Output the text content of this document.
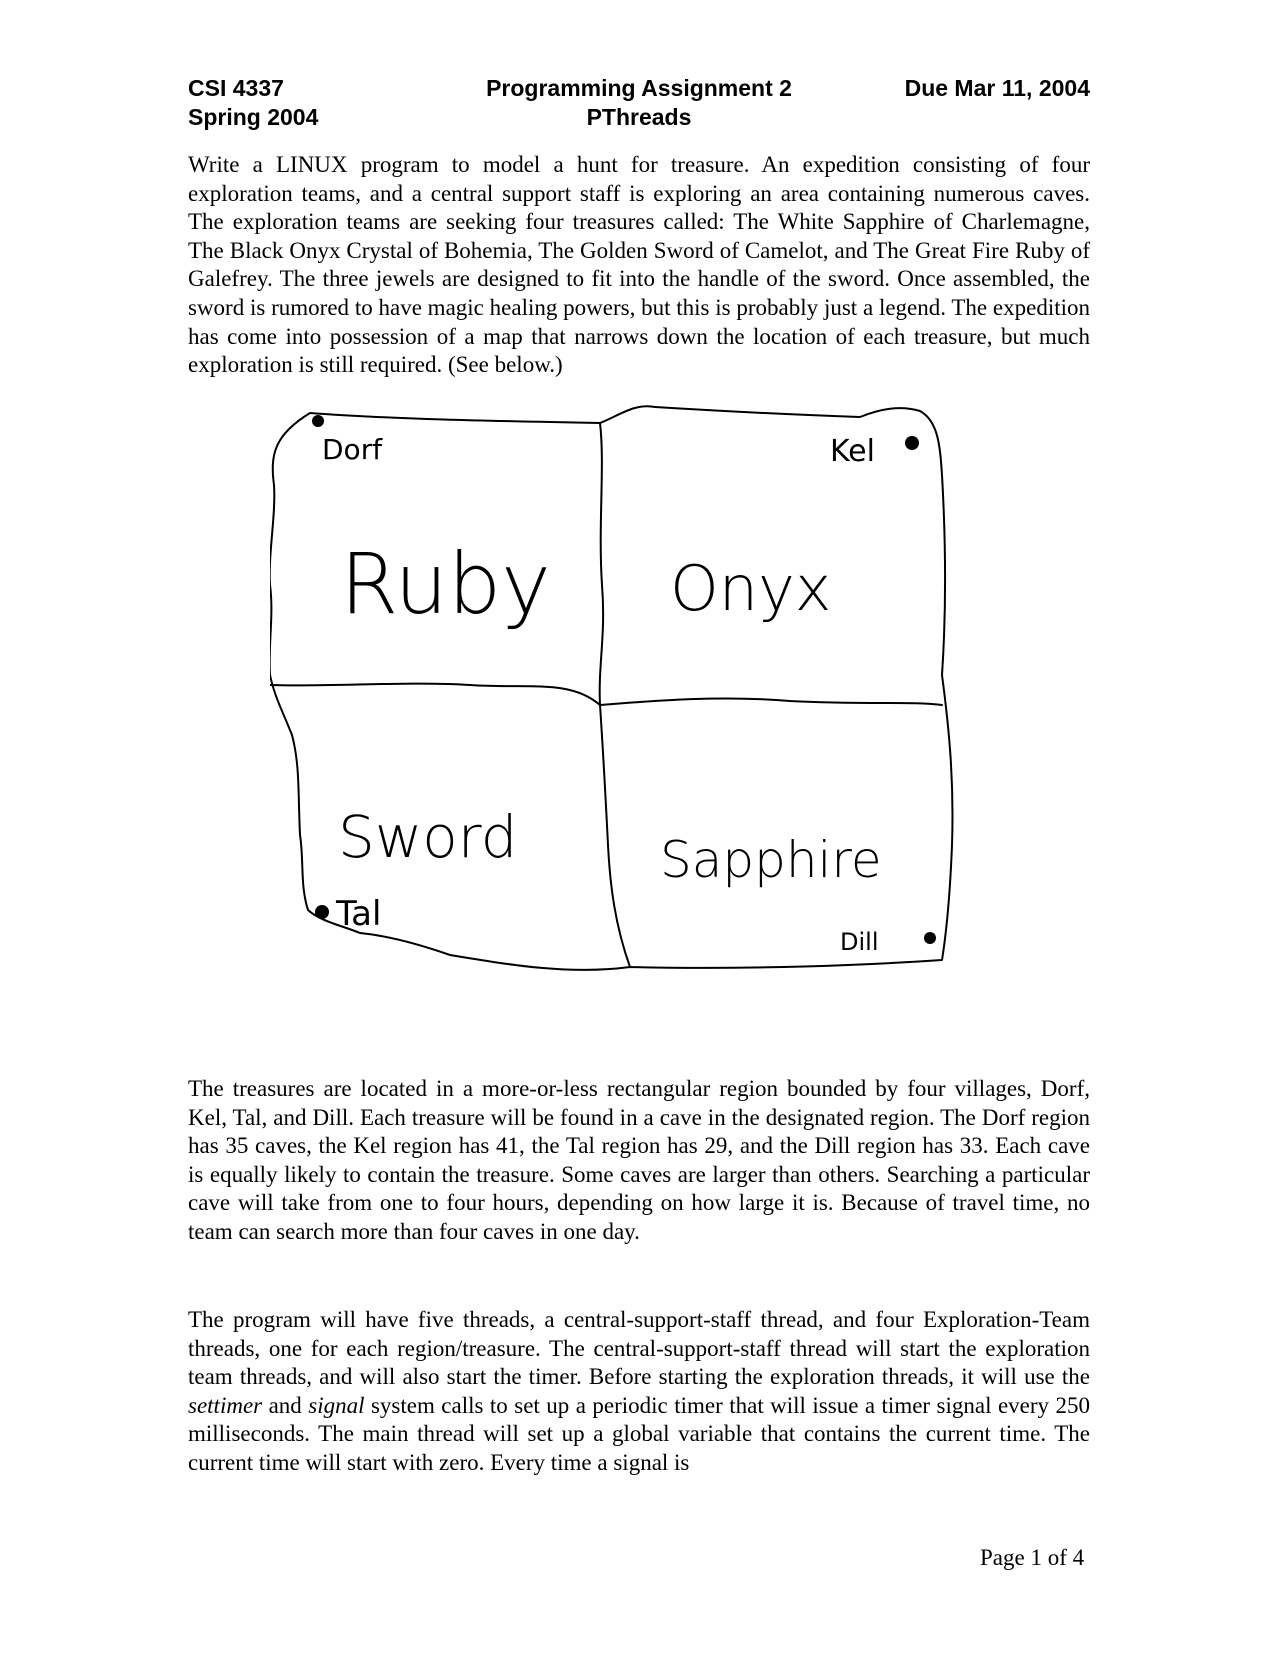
CSI 4337	Programming Assignment 2	Due Mar 11, 2004
Spring 2004	PThreads

Write a LINUX program to model a hunt for treasure. An expedition consisting of four exploration teams, and a central support staff is exploring an area containing numerous caves. The exploration teams are seeking four treasures called: The White Sapphire of Charlemagne, The Black Onyx Crystal of Bohemia, The Golden Sword of Camelot, and The Great Fire Ruby of Galefrey. The three jewels are designed to fit into the handle of the sword. Once assembled, the sword is rumored to have magic healing powers, but this is probably just a legend. The expedition has come into possession of a map that narrows down the location of each treasure, but much exploration is still required. (See below.)

Dorf	Kel
Tal
Dill
Ruby Onyx
Sword	Sapphire

The treasures are located in a more-or-less rectangular region bounded by four villages, Dorf, Kel, Tal, and Dill. Each treasure will be found in a cave in the designated region. The Dorf region has 35 caves, the Kel region has 41, the Tal region has 29, and the Dill region has 33. Each cave is equally likely to contain the treasure. Some caves are larger than others. Searching a particular cave will take from one to four hours, depending on how large it is. Because of travel time, no team can search more than four caves in one day.

The program will have five threads, a central-support-staff thread, and four Exploration-Team threads, one for each region/treasure. The central-support-staff thread will start the exploration team threads, and will also start the timer. Before starting the exploration threads, it will use the settimer and signal system calls to set up a periodic timer that will issue a timer signal every 250 milliseconds. The main thread will set up a global variable that contains the current time. The current time will start with zero. Every time a signal is

Page 1 of 4
